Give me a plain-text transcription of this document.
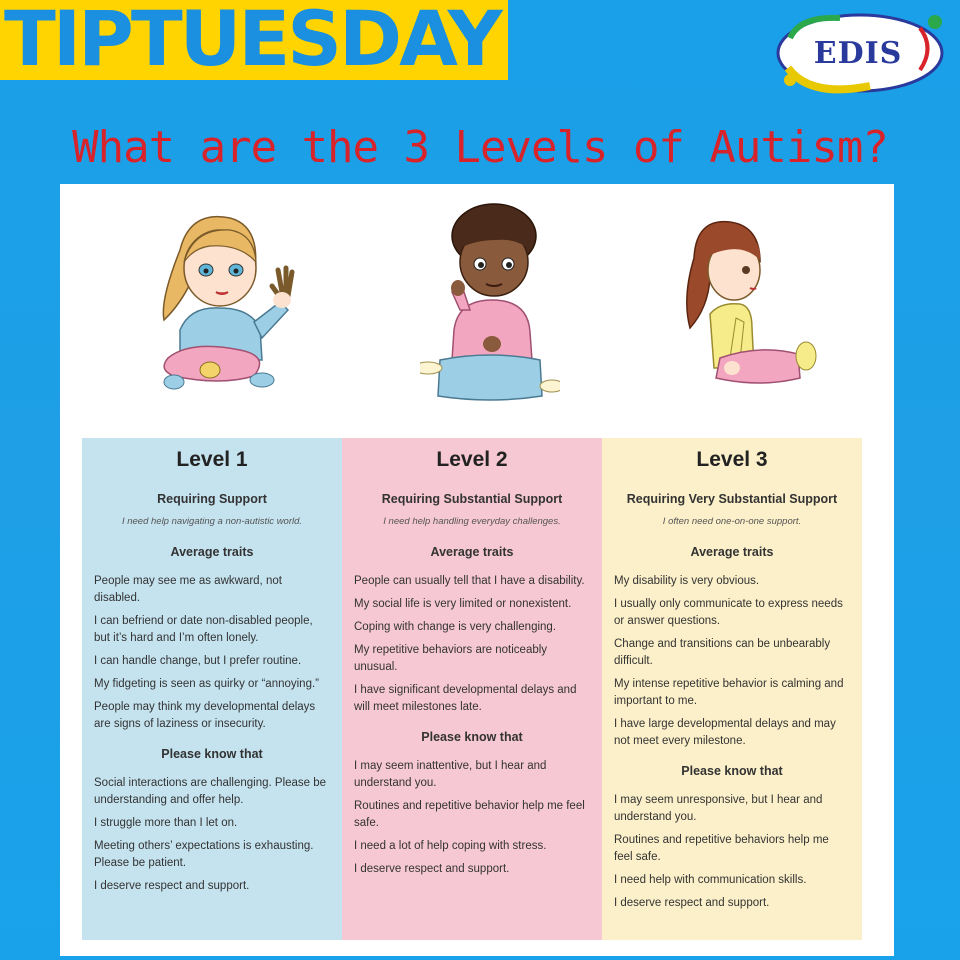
TIPTUESDAY	EDIS
What are the 3 Levels of Autism?
Level 1
Requiring Support
I need help navigating a non-autistic world.
Average traits
People may see me as awkward, not disabled.
I can befriend or date non-disabled people, but it’s hard and I’m often lonely.
I can handle change, but I prefer routine.
My fidgeting is seen as quirky or “annoying.”
People may think my developmental delays are signs of laziness or insecurity.
Please know that
Social interactions are challenging. Please be understanding and offer help.
I struggle more than I let on.
Meeting others’ expectations is exhausting. Please be patient.
I deserve respect and support.
Level 2
Requiring Substantial Support
I need help handling everyday challenges.
Average traits
People can usually tell that I have a disability.
My social life is very limited or nonexistent.
Coping with change is very challenging.
My repetitive behaviors are noticeably unusual.
I have significant developmental delays and will meet milestones late.
Please know that
I may seem inattentive, but I hear and understand you.
Routines and repetitive behavior help me feel safe.
I need a lot of help coping with stress.
I deserve respect and support.
Level 3
Requiring Very Substantial Support
I often need one-on-one support.
Average traits
My disability is very obvious.
I usually only communicate to express needs or answer questions.
Change and transitions can be unbearably difficult.
My intense repetitive behavior is calming and important to me.
I have large developmental delays and may not meet every milestone.
Please know that
I may seem unresponsive, but I hear and understand you.
Routines and repetitive behaviors help me feel safe.
I need help with communication skills.
I deserve respect and support.
